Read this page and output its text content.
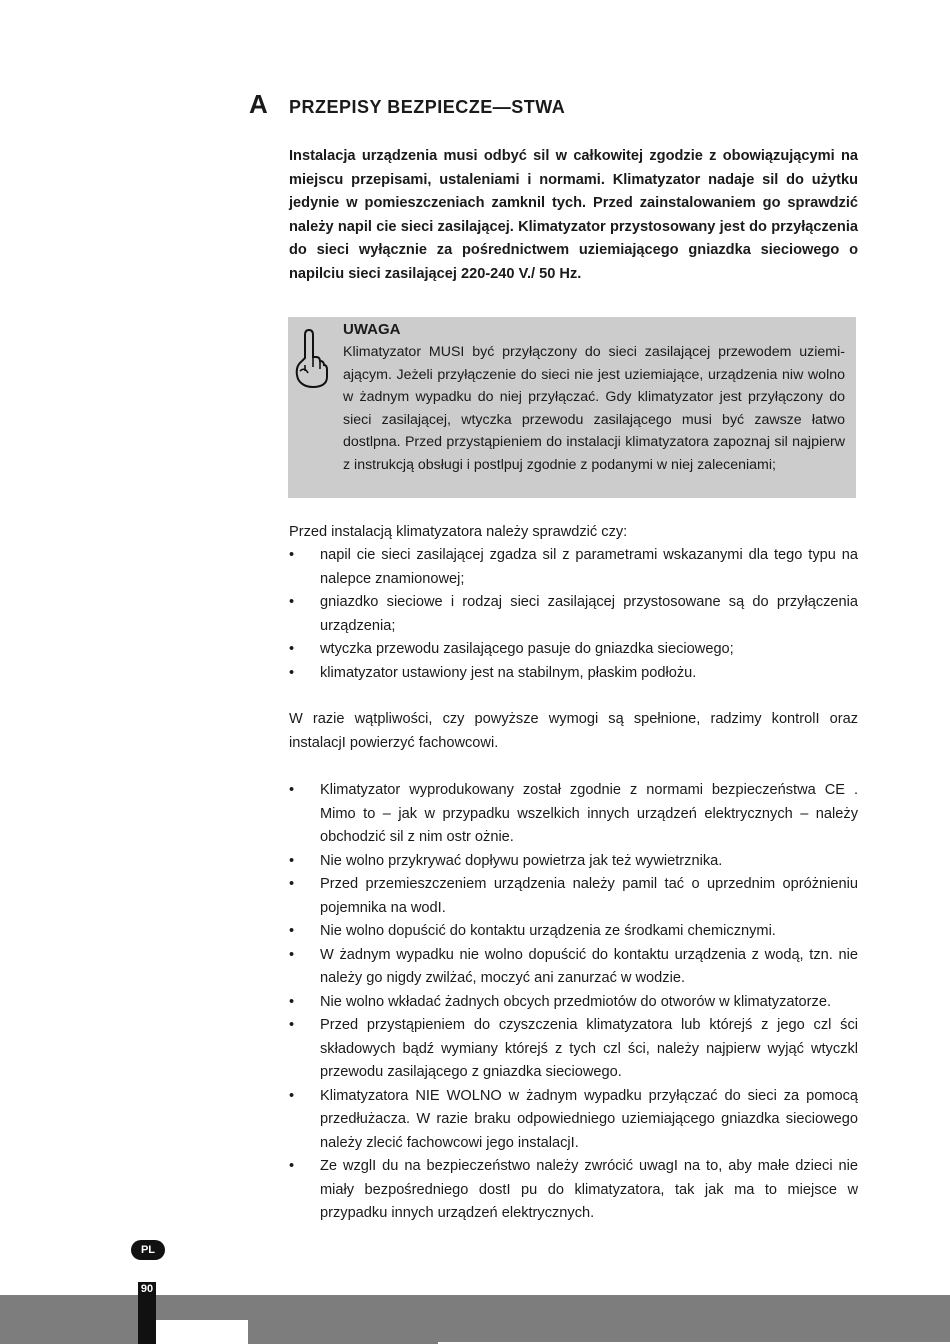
A PRZEPISY BEZPIECZE—STWA
Instalacja urządzenia musi odbyć sil w całkowitej zgodzie z obowiązującymi na miejscu przepisami, ustaleniami i normami. Klimatyzator nadaje sil do użytku jedynie w pomieszczeniach zamknil tych. Przed zainstalowaniem go sprawdzić należy napil cie sieci zasilającej. Klimatyzator przystosowany jest do przyłączenia do sieci wyłącznie za pośrednictwem uziemiającego gniazdka sieciowego o napilciu sieci zasilającej 220-240 V./ 50 Hz.
UWAGA
Klimatyzator MUSI być przyłączony do sieci zasilającej przewodem uziemi-ającym. Jeżeli przyłączenie do sieci nie jest uziemiające, urządzenia niw wolno w żadnym wypadku do niej przyłączać. Gdy klimatyzator jest przyłączony do sieci zasilającej, wtyczka przewodu zasilającego musi być zawsze łatwo dostlpna. Przed przystąpieniem do instalacji klimatyzatora zapoznaj sil najpierw z instrukcją obsługi i postlpuj zgodnie z podanymi w niej zaleceniami;
Przed instalacją klimatyzatora należy sprawdzić czy:
• napil cie sieci zasilającej zgadza sil z parametrami wskazanymi dla tego typu na nalepce znamionowej;
• gniazdko sieciowe i rodzaj sieci zasilającej przystosowane są do przyłączenia urządzenia;
• wtyczka przewodu zasilającego pasuje do gniazdka sieciowego;
• klimatyzator ustawiony jest na stabilnym, płaskim podłożu.
W razie wątpliwości, czy powyższe wymogi są spełnione, radzimy kontrolI oraz instalacjI powierzyć fachowcowi.
• Klimatyzator wyprodukowany został zgodnie z normami bezpieczeństwa CE . Mimo to – jak w przypadku wszelkich innych urządzeń elektrycznych – należy obchodzić sil z nim ostr ożnie.
• Nie wolno przykrywać dopływu powietrza jak też wywietrznika.
• Przed przemieszczeniem urządzenia należy pamil tać o uprzednim opróżnieniu pojemnika na wodI.
• Nie wolno dopuścić do kontaktu urządzenia ze środkami chemicznymi.
• W żadnym wypadku nie wolno dopuścić do kontaktu urządzenia z wodą, tzn. nie należy go nigdy zwilżać, moczyć ani zanurzać w wodzie.
• Nie wolno wkładać żadnych obcych przedmiotów do otworów w klimatyzatorze.
• Przed przystąpieniem do czyszczenia klimatyzatora lub którejś z jego czl ści składowych bądź wymiany którejś z tych czl ści, należy najpierw wyjąć wtyczkl przewodu zasilającego z gniazdka sieciowego.
• Klimatyzatora NIE WOLNO w żadnym wypadku przyłączać do sieci za pomocą przedłużacza. W razie braku odpowiedniego uziemiającego gniazdka sieciowego należy zlecić fachowcowi jego instalacjI.
• Ze wzglI du na bezpieczeństwo należy zwrócić uwagI na to, aby małe dzieci nie miały bezpośredniego dostI pu do klimatyzatora, tak jak ma to miejsce w przypadku innych urządzeń elektrycznych.
PL
90
